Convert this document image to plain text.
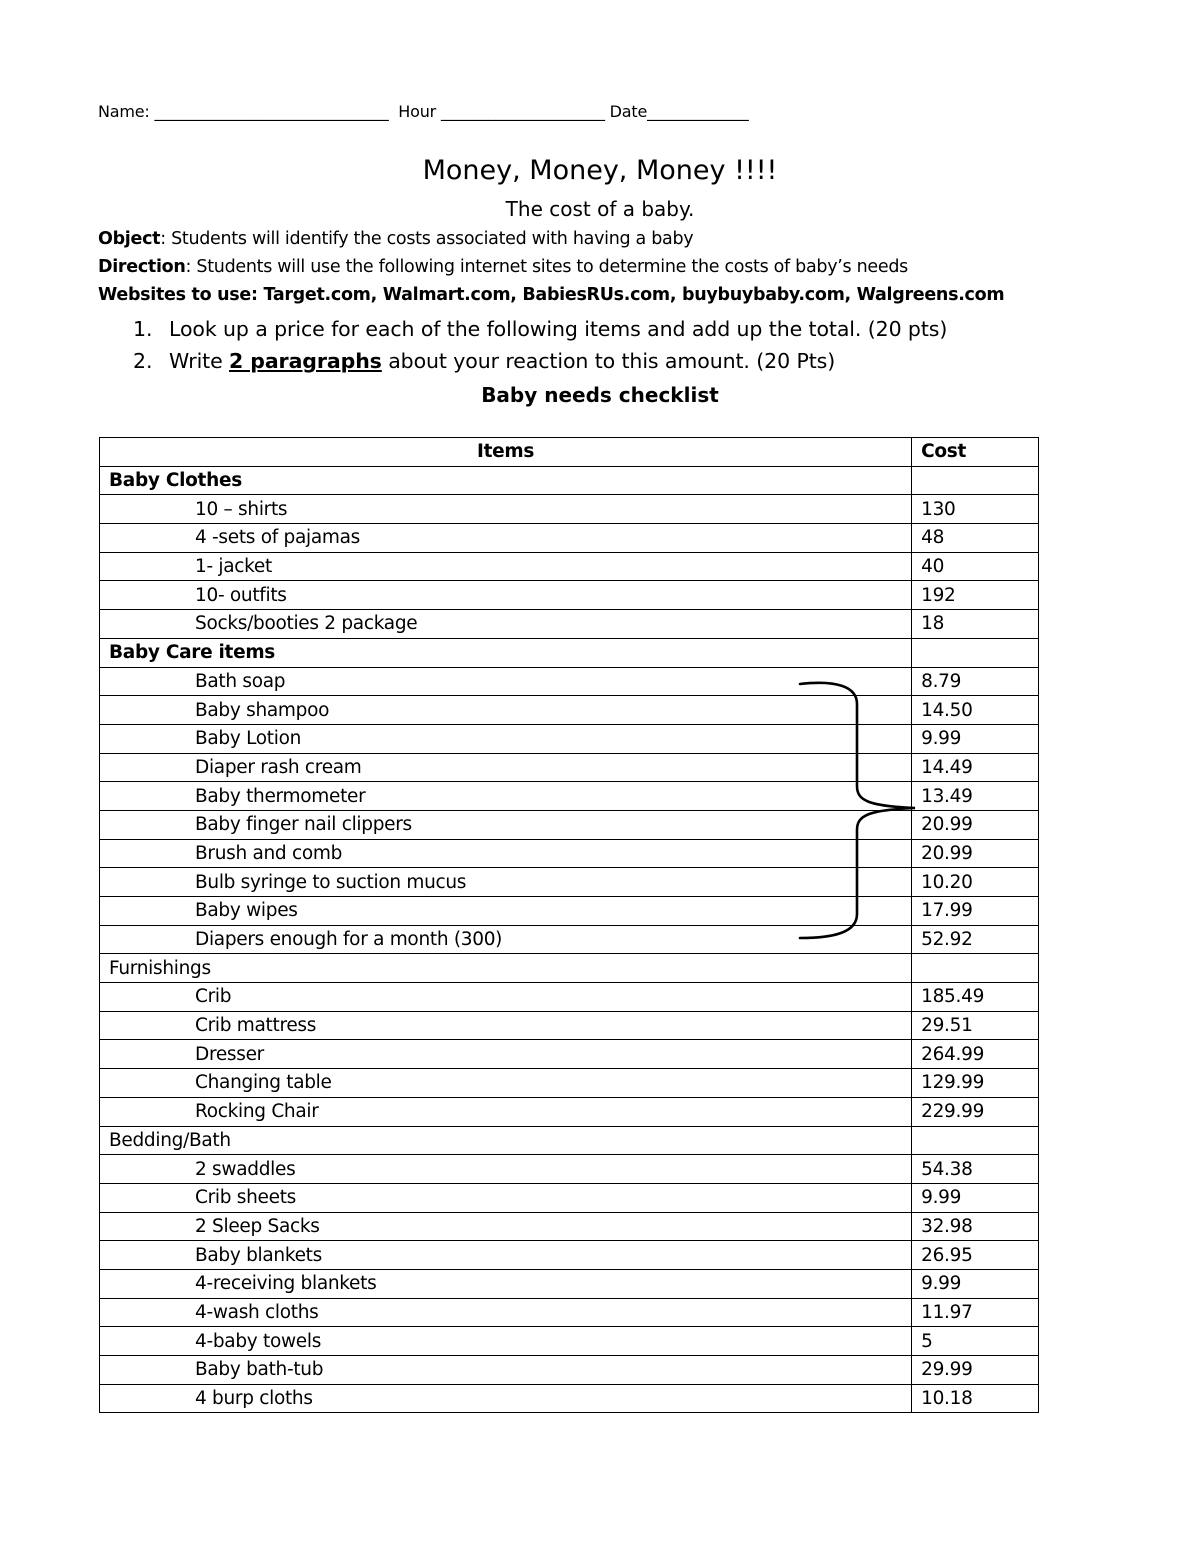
Name: ______________________________ Hour _____________________ Date_____________
Money, Money, Money !!!!
The cost of a baby.
Object: Students will identify the costs associated with having a baby
Direction: Students will use the following internet sites to determine the costs of baby’s needs
Websites to use: Target.com, Walmart.com, BabiesRUs.com, buybuybaby.com, Walgreens.com
1. Look up a price for each of the following items and add up the total. (20 pts)
2. Write 2 paragraphs about your reaction to this amount. (20 Pts)
Baby needs checklist
Items	Cost
Baby Clothes	
10 – shirts	130
4 -sets of pajamas	48
1- jacket	40
10- outfits	192
Socks/booties 2 package	18
Baby Care items	
Bath soap	8.79
Baby shampoo	14.50
Baby Lotion	9.99
Diaper rash cream	14.49
Baby thermometer	13.49
Baby finger nail clippers	20.99
Brush and comb	20.99
Bulb syringe to suction mucus	10.20
Baby wipes	17.99
Diapers enough for a month (300)	52.92
Furnishings	
Crib	185.49
Crib mattress	29.51
Dresser	264.99
Changing table	129.99
Rocking Chair	229.99
Bedding/Bath	
2 swaddles	54.38
Crib sheets	9.99
2 Sleep Sacks	32.98
Baby blankets	26.95
4-receiving blankets	9.99
4-wash cloths	11.97
4-baby towels	5
Baby bath-tub	29.99
4 burp cloths	10.18
